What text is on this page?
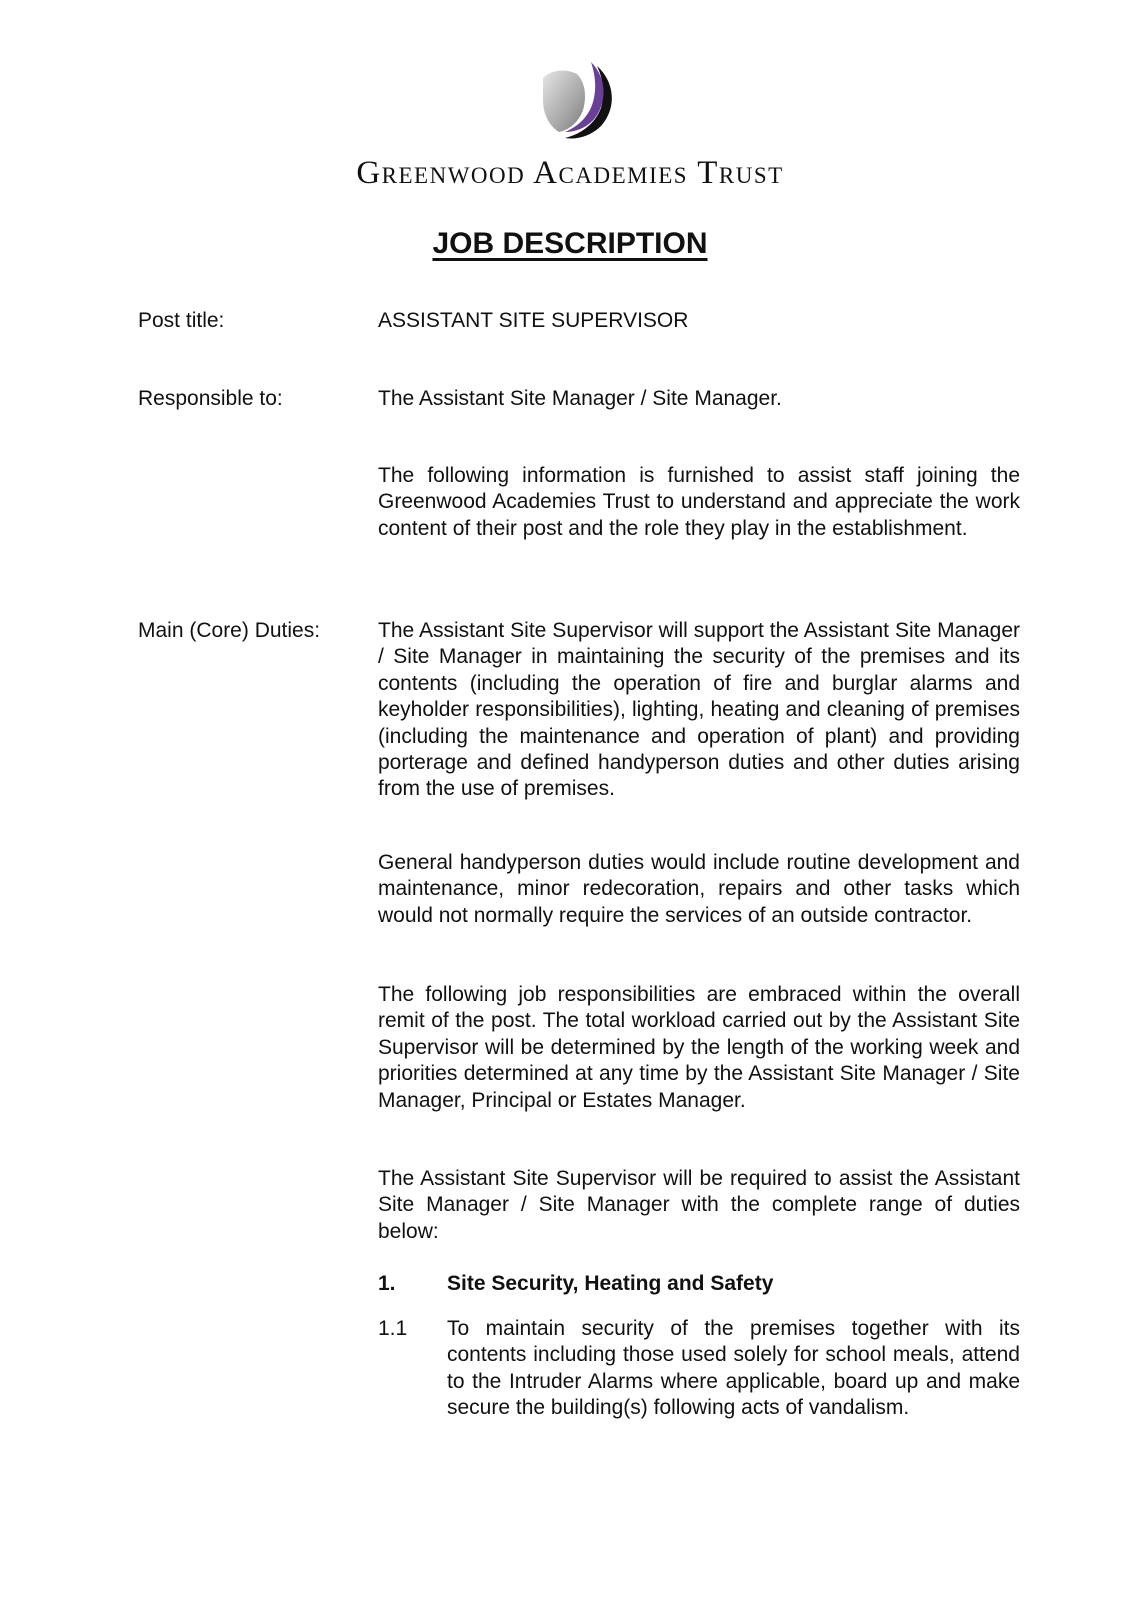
Greenwood Academies Trust
JOB DESCRIPTION
Post title:	ASSISTANT SITE SUPERVISOR
Responsible to:	The Assistant Site Manager / Site Manager.

The following information is furnished to assist staff joining the Greenwood Academies Trust to understand and appreciate the work content of their post and the role they play in the establishment.

Main (Core) Duties:	The Assistant Site Supervisor will support the Assistant Site Manager / Site Manager in maintaining the security of the premises and its contents (including the operation of fire and burglar alarms and keyholder responsibilities), lighting, heating and cleaning of premises (including the maintenance and operation of plant) and providing porterage and defined handyperson duties and other duties arising from the use of premises.

General handyperson duties would include routine development and maintenance, minor redecoration, repairs and other tasks which would not normally require the services of an outside contractor.

The following job responsibilities are embraced within the overall remit of the post. The total workload carried out by the Assistant Site Supervisor will be determined by the length of the working week and priorities determined at any time by the Assistant Site Manager / Site Manager, Principal or Estates Manager.

The Assistant Site Supervisor will be required to assist the Assistant Site Manager / Site Manager with the complete range of duties below:

1. Site Security, Heating and Safety
1.1 To maintain security of the premises together with its contents including those used solely for school meals, attend to the Intruder Alarms where applicable, board up and make secure the building(s) following acts of vandalism.
